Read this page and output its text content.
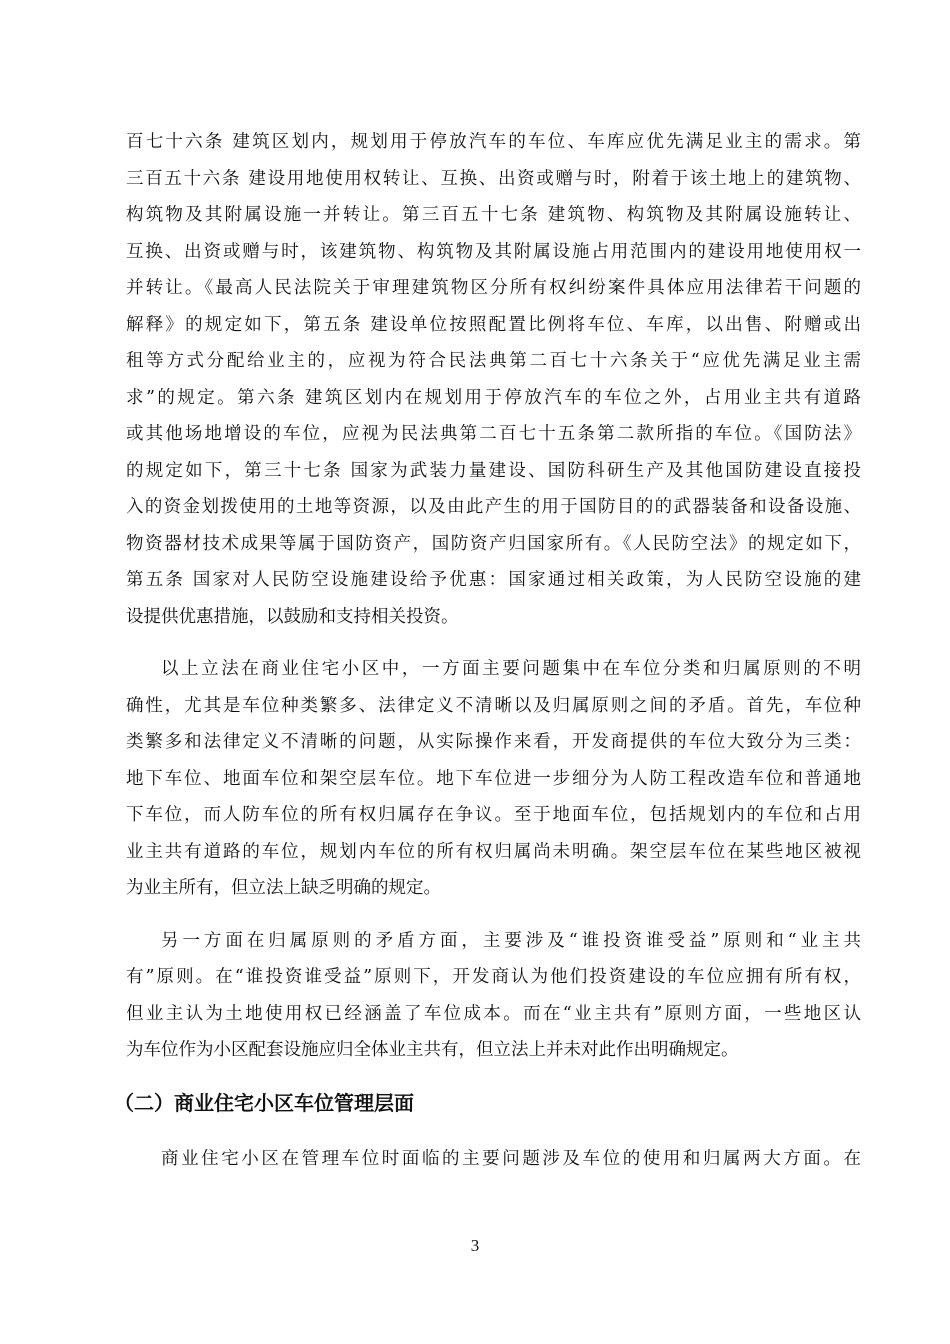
百七十六条 建筑区划内，规划用于停放汽车的车位、车库应优先满足业主的需求。第
三百五十六条 建设用地使用权转让、互换、出资或赠与时，附着于该土地上的建筑物、
构筑物及其附属设施一并转让。第三百五十七条 建筑物、构筑物及其附属设施转让、
互换、出资或赠与时，该建筑物、构筑物及其附属设施占用范围内的建设用地使用权一
并转让。《最高人民法院关于审理建筑物区分所有权纠纷案件具体应用法律若干问题的
解释》的规定如下，第五条 建设单位按照配置比例将车位、车库，以出售、附赠或出
租等方式分配给业主的，应视为符合民法典第二百七十六条关于“应优先满足业主需
求”的规定。第六条 建筑区划内在规划用于停放汽车的车位之外，占用业主共有道路
或其他场地增设的车位，应视为民法典第二百七十五条第二款所指的车位。《国防法》
的规定如下，第三十七条 国家为武装力量建设、国防科研生产及其他国防建设直接投
入的资金划拨使用的土地等资源，以及由此产生的用于国防目的的武器装备和设备设施、
物资器材技术成果等属于国防资产，国防资产归国家所有。《人民防空法》的规定如下，
第五条 国家对人民防空设施建设给予优惠：国家通过相关政策，为人民防空设施的建
设提供优惠措施，以鼓励和支持相关投资。
以上立法在商业住宅小区中，一方面主要问题集中在车位分类和归属原则的不明
确性，尤其是车位种类繁多、法律定义不清晰以及归属原则之间的矛盾。首先，车位种
类繁多和法律定义不清晰的问题，从实际操作来看，开发商提供的车位大致分为三类：
地下车位、地面车位和架空层车位。地下车位进一步细分为人防工程改造车位和普通地
下车位，而人防车位的所有权归属存在争议。至于地面车位，包括规划内的车位和占用
业主共有道路的车位，规划内车位的所有权归属尚未明确。架空层车位在某些地区被视
为业主所有，但立法上缺乏明确的规定。
另一方面在归属原则的矛盾方面，主要涉及“谁投资谁受益”原则和“业主共
有”原则。在“谁投资谁受益”原则下，开发商认为他们投资建设的车位应拥有所有权，
但业主认为土地使用权已经涵盖了车位成本。而在“业主共有”原则方面，一些地区认
为车位作为小区配套设施应归全体业主共有，但立法上并未对此作出明确规定。
（二）商业住宅小区车位管理层面
商业住宅小区在管理车位时面临的主要问题涉及车位的使用和归属两大方面。在
3
